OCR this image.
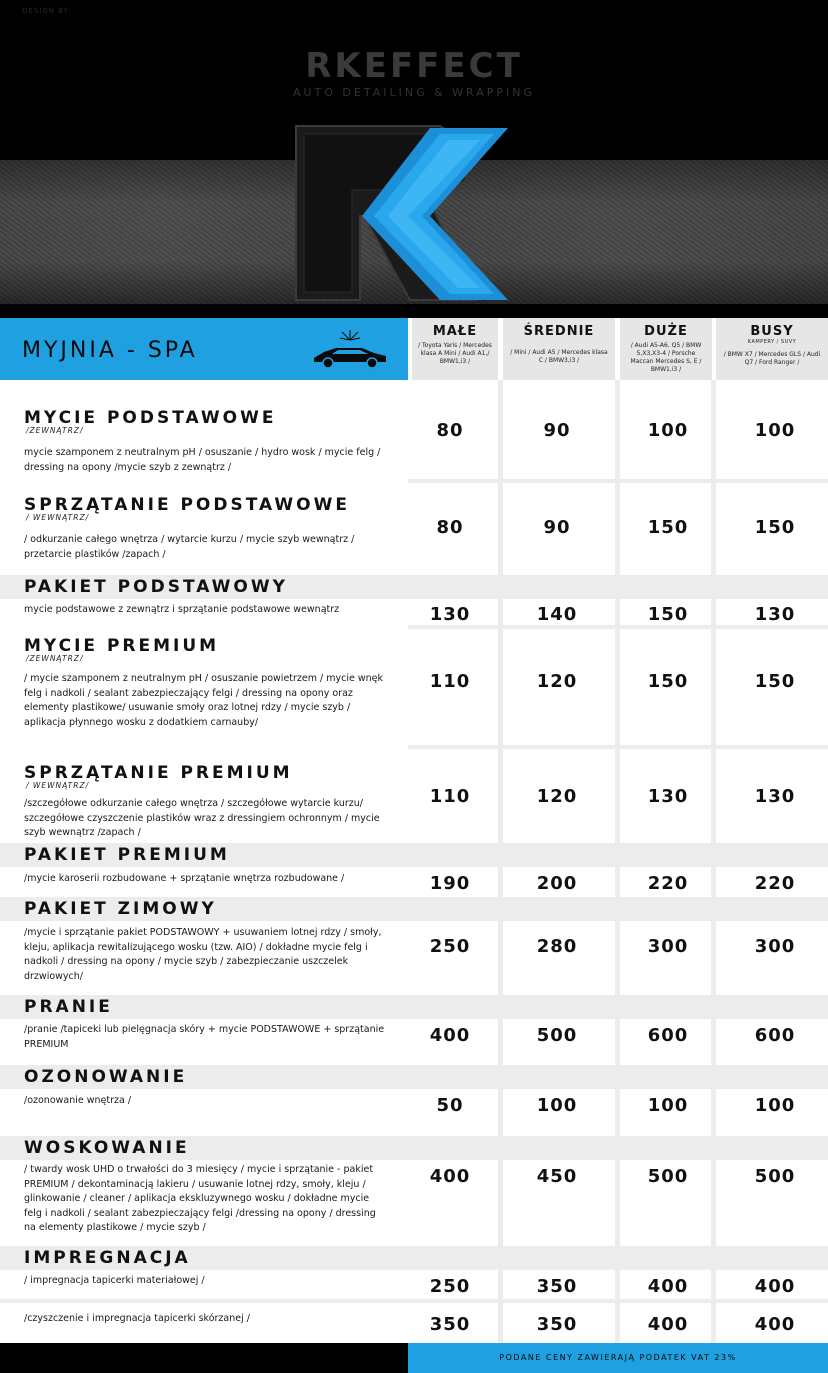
DESIGN BY:
RKEFFECT
AUTO DETAILING & WRAPPING
MYJNIA - SPA
MAŁE
/ Toyota Yaris / Mercedes klasa A Mini / Audi A1,/ BMW1,i3 /
ŚREDNIE
/ Mini / Audi A5 / Mercedes klasa C / BMW3,i3 /
DUŻE
/ Audi A5-A6, Q5 / BMW 5,X3,X3-4 / Porsche Maccan Mercedes S, E / BMW1,i3 /
BUSY
KAMPERY / SUVY
/ BMW X7 / Mercedes GLS / Audi Q7 / Ford Ranger /
MYCIE PODSTAWOWE
/ZEWNĄTRZ/
mycie szamponem z neutralnym pH / osuszanie / hydro wosk / mycie felg / dressing na opony /mycie szyb z zewnątrz /
80	90	100	100
SPRZĄTANIE PODSTAWOWE
/ WEWNĄTRZ/
/ odkurzanie całego wnętrza / wytarcie kurzu / mycie szyb wewnątrz / przetarcie plastików /zapach /
80	90	150	150
PAKIET PODSTAWOWY
mycie podstawowe z zewnątrz i sprzątanie podstawowe wewnątrz	130	140	150	130
MYCIE PREMIUM
/ZEWNĄTRZ/
/ mycie szamponem z neutralnym pH / osuszanie powietrzem / mycie wnęk felg i nadkoli / sealant zabezpieczający felgi / dressing na opony oraz elementy plastikowe/ usuwanie smoły oraz lotnej rdzy / mycie szyb / aplikacja płynnego wosku z dodatkiem carnauby/
110	120	150	150
SPRZĄTANIE PREMIUM
/ WEWNĄTRZ/
/szczegółowe odkurzanie całego wnętrza / szczegółowe wytarcie kurzu/ szczegółowe czyszczenie plastików wraz z dressingiem ochronnym / mycie szyb wewnątrz /zapach /
110	120	130	130
PAKIET PREMIUM
/mycie karoserii rozbudowane + sprzątanie wnętrza rozbudowane /	190	200	220	220
PAKIET ZIMOWY
/mycie i sprzątanie pakiet PODSTAWOWY + usuwaniem lotnej rdzy / smoły, kleju, aplikacja rewitalizującego wosku (tzw. AIO) / dokładne mycie felg i nadkoli / dressing na opony / mycie szyb / zabezpieczanie uszczelek drzwiowych/
250	280	300	300
PRANIE
/pranie /tapiceki lub pielęgnacja skóry + mycie PODSTAWOWE + sprzątanie PREMIUM	400	500	600	600
OZONOWANIE
/ozonowanie wnętrza /	50	100	100	100
WOSKOWANIE
/ twardy wosk UHD o trwałości do 3 miesięcy / mycie i sprzątanie - pakiet PREMIUM / dekontaminacją lakieru / usuwanie lotnej rdzy, smoły, kleju / glinkowanie / cleaner / aplikacja ekskluzywnego wosku / dokładne mycie felg i nadkoli / sealant zabezpieczający felgi /dressing na opony / dressing na elementy plastikowe / mycie szyb /
400	450	500	500
IMPREGNACJA
/ impregnacja tapicerki materiałowej /	250	350	400	400
/czyszczenie i impregnacja tapicerki skórzanej /	350	350	400	400
PODANE CENY ZAWIERAJĄ PODATEK VAT 23%
